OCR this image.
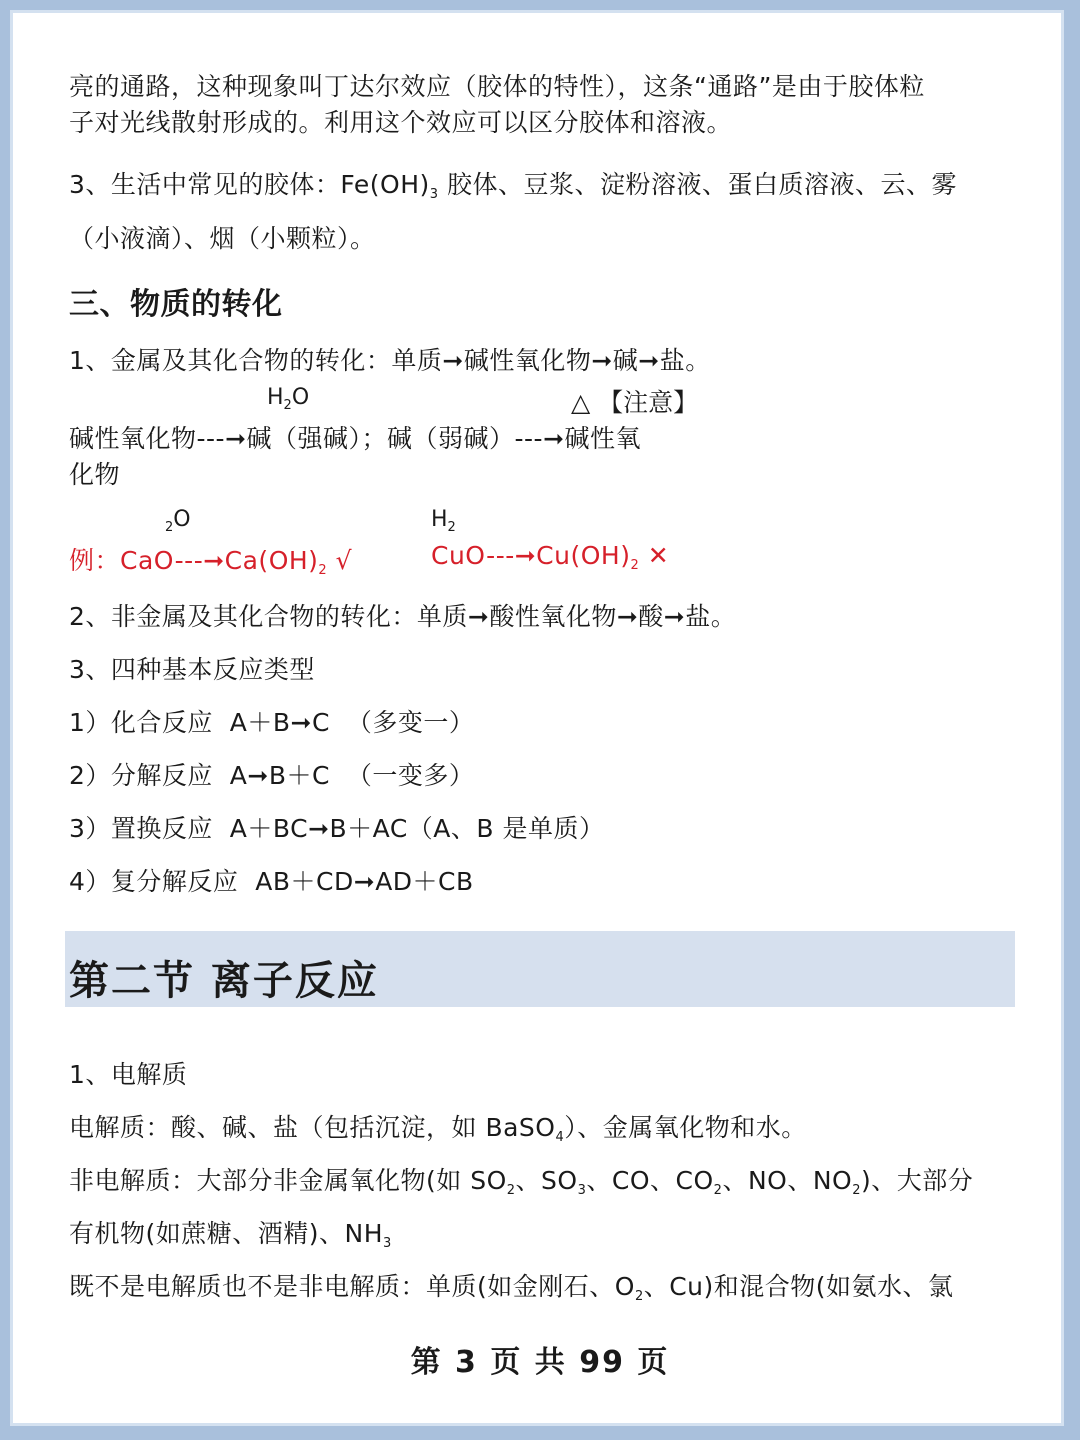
亮的通路，这种现象叫丁达尔效应（胶体的特性），这条“通路”是由于胶体粒
子对光线散射形成的。利用这个效应可以区分胶体和溶液。
3、生活中常见的胶体：$Fe(OH)_3$ 胶体、豆浆、淀粉溶液、蛋白质溶液、云、雾
（小液滴）、烟（小颗粒）。
三、物质的转化
1、金属及其化合物的转化：单质➞碱性氧化物➞碱➞盐。
$H_2O$	△ 【注意】
碱性氧化物---➞碱（强碱）；碱（弱碱）---➞碱性氧
化物
$_2$O	$H_2$
例：CaO-$--➞Ca(OH)_2$ √	CuO-$--➞Cu(OH)_2$ ✕
2、非金属及其化合物的转化：单质➞酸性氧化物➞酸➞盐。
3、四种基本反应类型
1）化合反应  A＋B➞C  （多变一）
2）分解反应  A➞B＋C  （一变多）
3）置换反应  A＋BC➞B＋AC（A、B 是单质）
4）复分解反应  AB＋CD➞AD＋CB
第二节 离子反应
1、电解质
电解质：酸、碱、盐（包括沉淀，如 BaSO$_4$）、金属氧化物和水。
非电解质：大部分非金属氧化物(如 $SO_2$、$SO_3$、CO、$CO_2$、NO、$NO_2$)、大部分
有机物(如蔗糖、酒精)、$NH_3$
既不是电解质也不是非电解质：单质(如金刚石、$O_2$、Cu)和混合物(如氨水、氯
第 3 页 共 99 页
